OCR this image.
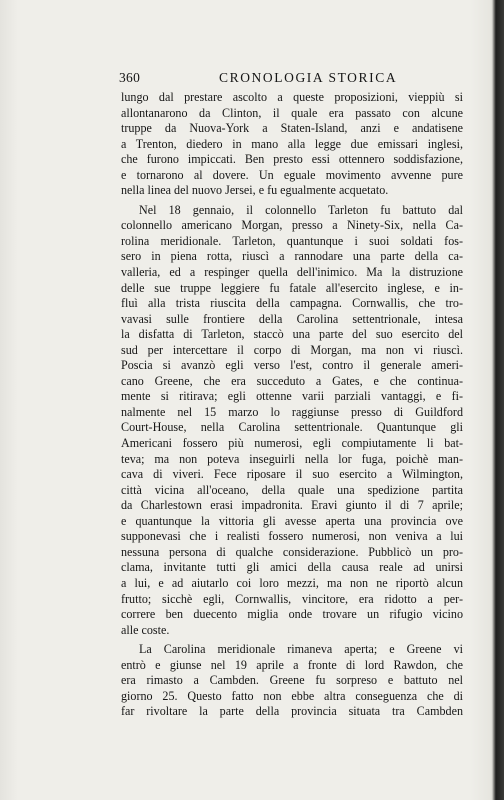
360	CRONOLOGIA STORICA
lungo dal prestare ascolto a queste proposizioni, vieppiù si
allontanarono da Clinton, il quale era passato con alcune
truppe da Nuova-York a Staten-Island, anzi e andatisene
a Trenton, diedero in mano alla legge due emissari inglesi,
che furono impiccati. Ben presto essi ottennero soddisfazione,
e tornarono al dovere. Un eguale movimento avvenne pure
nella linea del nuovo Jersei, e fu egualmente acquetato.
Nel 18 gennaio, il colonnello Tarleton fu battuto dal
colonnello americano Morgan, presso a Ninety-Six, nella Ca-
rolina meridionale. Tarleton, quantunque i suoi soldati fos-
sero in piena rotta, riuscì a rannodare una parte della ca-
valleria, ed a respinger quella dell'inimico. Ma la distruzione
delle sue truppe leggiere fu fatale all'esercito inglese, e in-
fluì alla trista riuscita della campagna. Cornwallis, che tro-
vavasi sulle frontiere della Carolina settentrionale, intesa
la disfatta di Tarleton, staccò una parte del suo esercito del
sud per intercettare il corpo di Morgan, ma non vi riuscì.
Poscia si avanzò egli verso l'est, contro il generale ameri-
cano Greene, che era succeduto a Gates, e che continua-
mente si ritirava; egli ottenne varii parziali vantaggi, e fi-
nalmente nel 15 marzo lo raggiunse presso di Guildford
Court-House, nella Carolina settentrionale. Quantunque gli
Americani fossero più numerosi, egli compiutamente li bat-
teva; ma non poteva inseguirli nella lor fuga, poichè man-
cava di viveri. Fece riposare il suo esercito a Wilmington,
città vicina all'oceano, della quale una spedizione partita
da Charlestown erasi impadronita. Eravi giunto il di 7 aprile;
e quantunque la vittoria gli avesse aperta una provincia ove
supponevasi che i realisti fossero numerosi, non veniva a lui
nessuna persona di qualche considerazione. Pubblicò un pro-
clama, invitante tutti gli amici della causa reale ad unirsi
a lui, e ad aiutarlo coi loro mezzi, ma non ne riportò alcun
frutto; sicchè egli, Cornwallis, vincitore, era ridotto a per-
correre ben duecento miglia onde trovare un rifugio vicino
alle coste.
La Carolina meridionale rimaneva aperta; e Greene vi
entrò e giunse nel 19 aprile a fronte di lord Rawdon, che
era rimasto a Cambden. Greene fu sorpreso e battuto nel
giorno 25. Questo fatto non ebbe altra conseguenza che di
far rivoltare la parte della provincia situata tra Cambden
